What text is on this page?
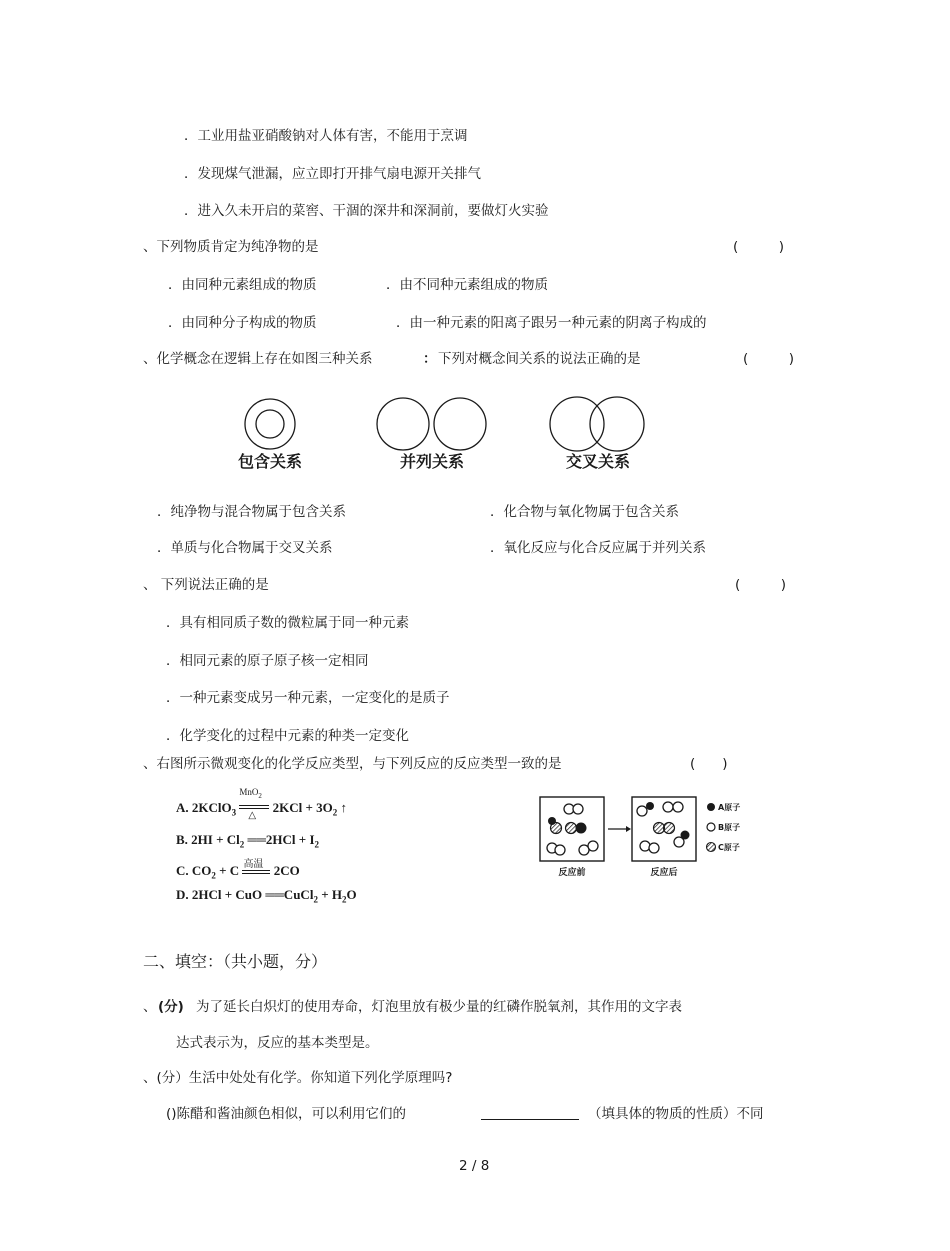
．工业用盐亚硝酸钠对人体有害，不能用于烹调
．发现煤气泄漏，应立即打开排气扇电源开关排气
．进入久未开启的菜窖、干涸的深井和深洞前，要做灯火实验
、下列物质肯定为纯净物的是	(　　　)
．由同种元素组成的物质	．由不同种元素组成的物质
．由同种分子构成的物质	．由一种元素的阳离子跟另一种元素的阴离子构成的
、化学概念在逻辑上存在如图三种关系	： 下列对概念间关系的说法正确的是	(　　　)
包含关系	并列关系	交叉关系
．纯净物与混合物属于包含关系	．化合物与氧化物属于包含关系
．单质与化合物属于交叉关系	．氧化反应与化合反应属于并列关系
、 下列说法正确的是	(　　　)
．具有相同质子数的微粒属于同一种元素
．相同元素的原子原子核一定相同
．一种元素变成另一种元素，一定变化的是质子
．化学变化的过程中元素的种类一定变化
、右图所示微观变化的化学反应类型，与下列反应的反应类型一致的是	(　　)
A. 2KClO$_3$
MnO$_2$
△
$2KCl + 3O_2$ ↑
B. $2HI + Cl_2$ ══2HCl + $I_2$
C. $CO_2 + C$ 高温 2CO
D. 2HCl + CuO ══CuCl$_2$ + $H_2O$
反应前	反应后
A原子
B原子
C原子
二、填空：（共小题，分）
、 (分) 为了延长白炽灯的使用寿命，灯泡里放有极少量的红磷作脱氧剂，其作用的文字表
达式表示为，反应的基本类型是。
、(分）生活中处处有化学。你知道下列化学原理吗?
()陈醋和酱油颜色相似，可以利用它们的	（填具体的物质的性质）不同
2 / 8
